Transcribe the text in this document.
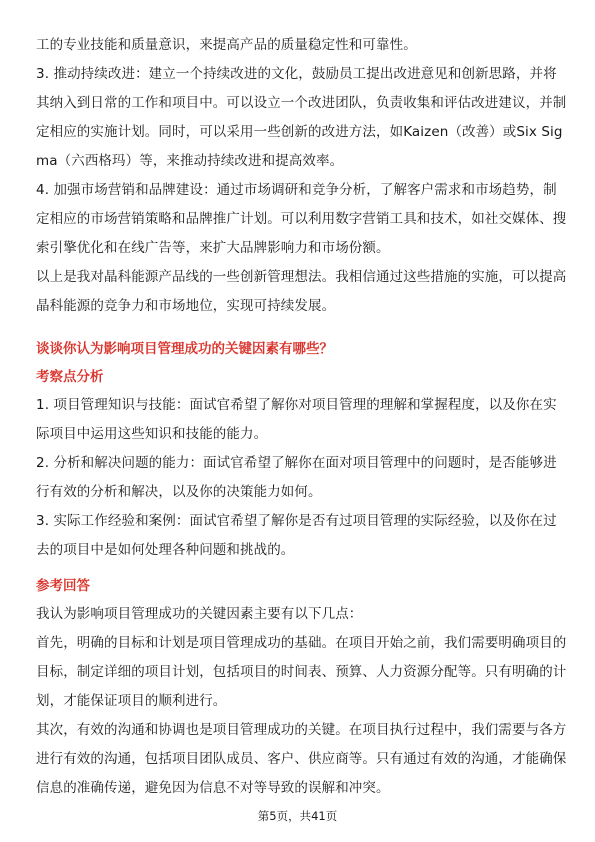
工的专业技能和质量意识，来提高产品的质量稳定性和可靠性。

3. 推动持续改进：建立一个持续改进的文化，鼓励员工提出改进意见和创新思路，并将其纳入到日常的工作和项目中。可以设立一个改进团队，负责收集和评估改进建议，并制定相应的实施计划。同时，可以采用一些创新的改进方法，如Kaizen（改善）或Six Sigma（六西格玛）等，来推动持续改进和提高效率。

4. 加强市场营销和品牌建设：通过市场调研和竞争分析，了解客户需求和市场趋势，制定相应的市场营销策略和品牌推广计划。可以利用数字营销工具和技术，如社交媒体、搜索引擎优化和在线广告等，来扩大品牌影响力和市场份额。

以上是我对晶科能源产品线的一些创新管理想法。我相信通过这些措施的实施，可以提高晶科能源的竞争力和市场地位，实现可持续发展。

谈谈你认为影响项目管理成功的关键因素有哪些？

考察点分析

1. 项目管理知识与技能：面试官希望了解你对项目管理的理解和掌握程度，以及你在实际项目中运用这些知识和技能的能力。

2. 分析和解决问题的能力：面试官希望了解你在面对项目管理中的问题时，是否能够进行有效的分析和解决，以及你的决策能力如何。

3. 实际工作经验和案例：面试官希望了解你是否有过项目管理的实际经验，以及你在过去的项目中是如何处理各种问题和挑战的。

参考回答

我认为影响项目管理成功的关键因素主要有以下几点：

首先，明确的目标和计划是项目管理成功的基础。在项目开始之前，我们需要明确项目的目标，制定详细的项目计划，包括项目的时间表、预算、人力资源分配等。只有明确的计划，才能保证项目的顺利进行。

其次，有效的沟通和协调也是项目管理成功的关键。在项目执行过程中，我们需要与各方进行有效的沟通，包括项目团队成员、客户、供应商等。只有通过有效的沟通，才能确保信息的准确传递，避免因为信息不对等导致的误解和冲突。

第5页，共41页
